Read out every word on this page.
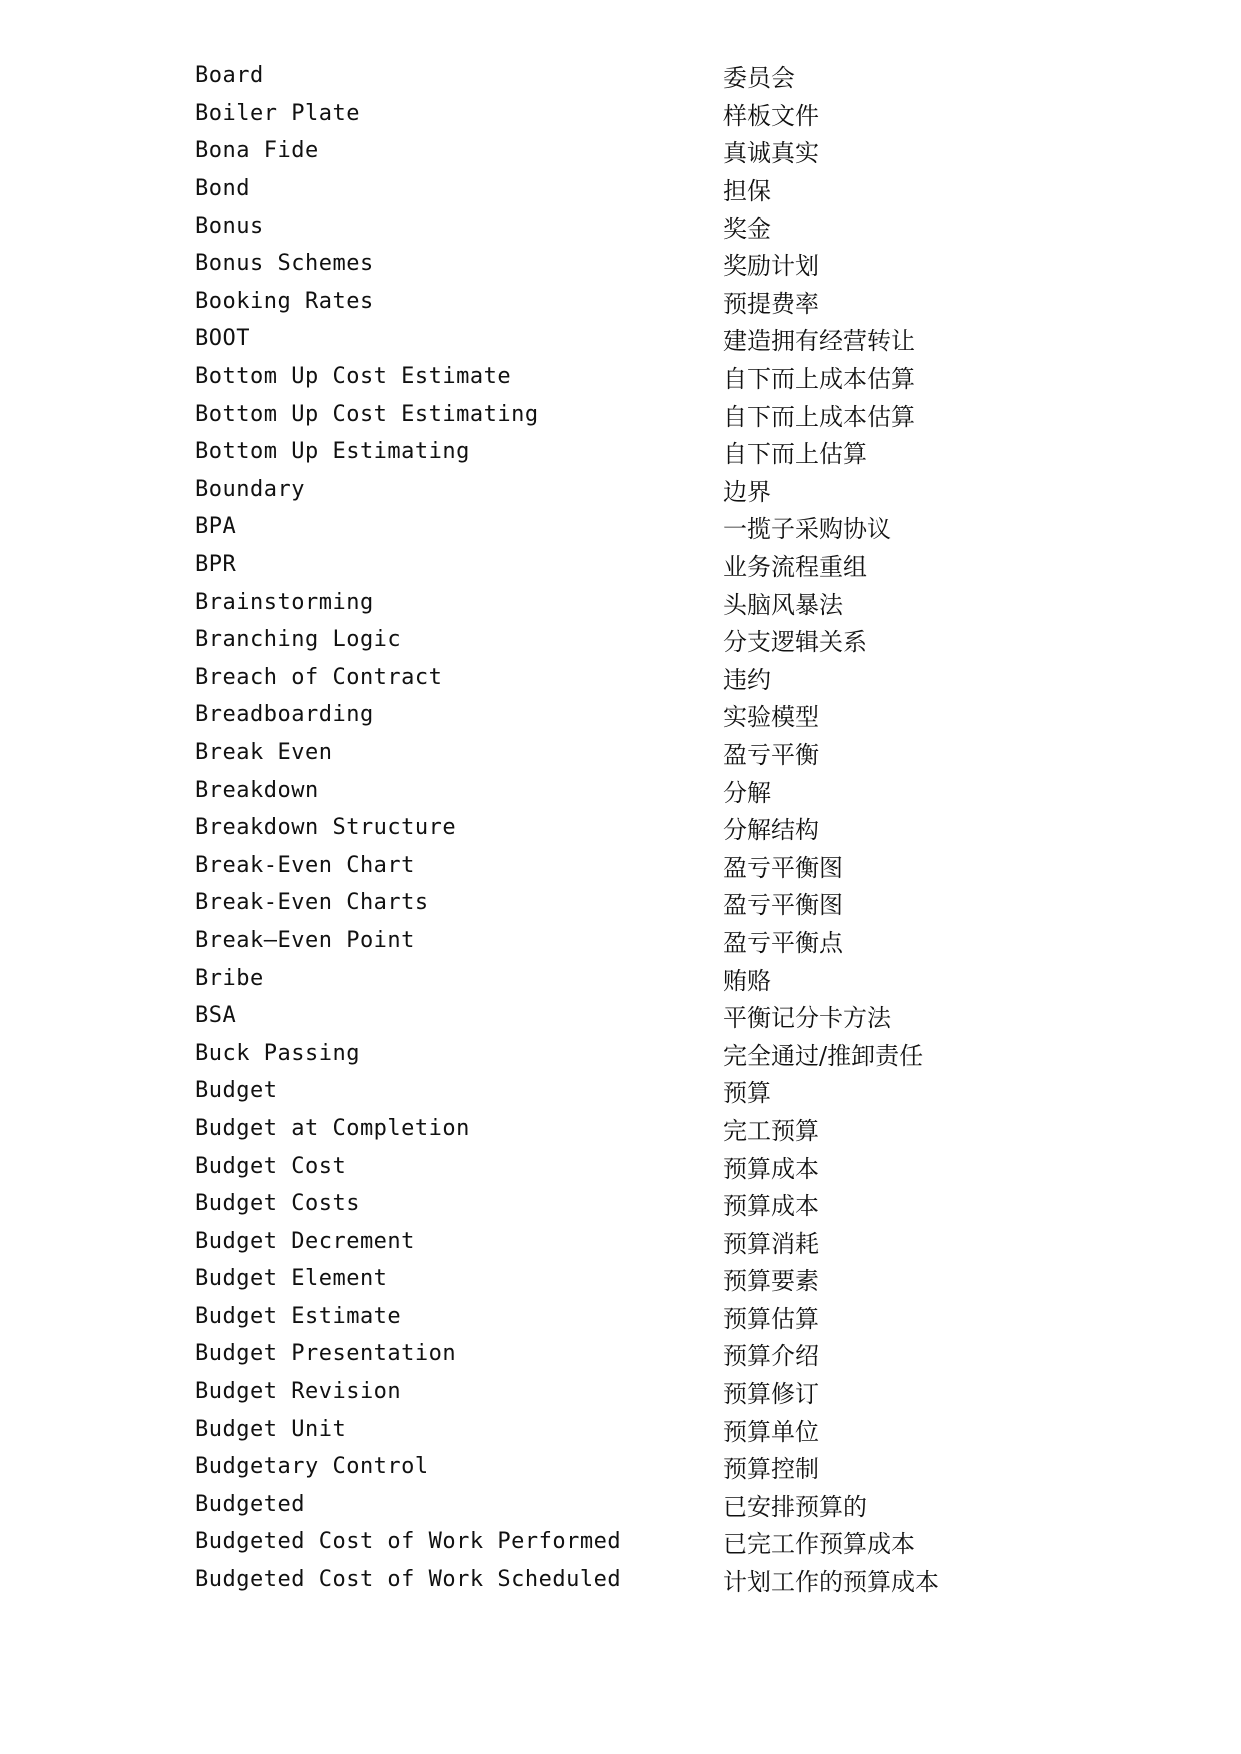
Board	委员会
Boiler Plate	样板文件
Bona Fide	真诚真实
Bond	担保
Bonus	奖金
Bonus Schemes	奖励计划
Booking Rates	预提费率
BOOT	建造拥有经营转让
Bottom Up Cost Estimate	自下而上成本估算
Bottom Up Cost Estimating	自下而上成本估算
Bottom Up Estimating	自下而上估算
Boundary	边界
BPA	一揽子采购协议
BPR	业务流程重组
Brainstorming	头脑风暴法
Branching Logic	分支逻辑关系
Breach of Contract	违约
Breadboarding	实验模型
Break Even	盈亏平衡
Breakdown	分解
Breakdown Structure	分解结构
Break-Even Chart	盈亏平衡图
Break-Even Charts	盈亏平衡图
Break—Even Point	盈亏平衡点
Bribe	贿赂
BSA	平衡记分卡方法
Buck Passing	完全通过/推卸责任
Budget	预算
Budget at Completion	完工预算
Budget Cost	预算成本
Budget Costs	预算成本
Budget Decrement	预算消耗
Budget Element	预算要素
Budget Estimate	预算估算
Budget Presentation	预算介绍
Budget Revision	预算修订
Budget Unit	预算单位
Budgetary Control	预算控制
Budgeted	已安排预算的
Budgeted Cost of Work Performed	已完工作预算成本
Budgeted Cost of Work Scheduled	计划工作的预算成本
